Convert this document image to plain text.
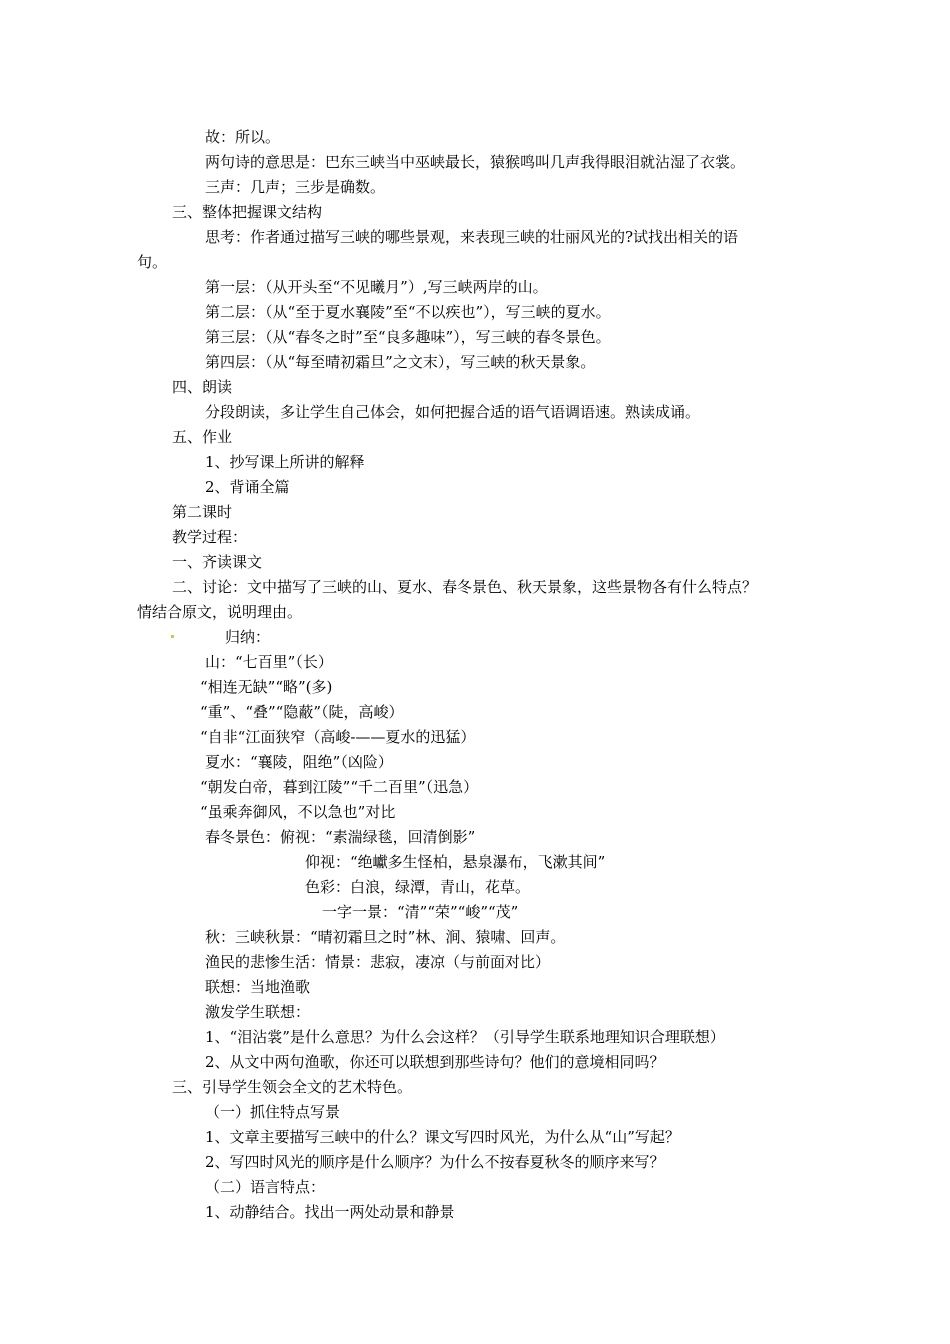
故：所以。
两句诗的意思是：巴东三峡当中巫峡最长，猿猴鸣叫几声我得眼泪就沾湿了衣裳。
三声：几声；三步是确数。
三、整体把握课文结构
思考：作者通过描写三峡的哪些景观，来表现三峡的壮丽风光的?试找出相关的语
句。
第一层：（从开头至“不见曦月”）,写三峡两岸的山。
第二层：（从“至于夏水襄陵”至“不以疾也”），写三峡的夏水。
第三层：（从“春冬之时”至“良多趣味”），写三峡的春冬景色。
第四层：（从“每至晴初霜旦”之文末），写三峡的秋天景象。
四、朗读
分段朗读，多让学生自己体会，如何把握合适的语气语调语速。熟读成诵。
五、作业
1、抄写课上所讲的解释
2、背诵全篇
第二课时
教学过程：
一、齐读课文
二、讨论：文中描写了三峡的山、夏水、春冬景色、秋天景象，这些景物各有什么特点？
情结合原文，说明理由。
归纳：
山：“七百里”（长）
“相连无缺”“略”(多)
“重”、“叠”“隐蔽”（陡，高峻）
“自非“江面狭窄（高峻-——夏水的迅猛）
夏水：“襄陵，阻绝”（凶险）
“朝发白帝，暮到江陵”“千二百里”（迅急）
“虽乘奔御风，不以急也”对比
春冬景色：俯视：“素湍绿毯，回清倒影”
仰视：“绝巘多生怪柏，悬泉瀑布，飞漱其间”
色彩：白浪，绿潭，青山，花草。
一字一景：“清”“荣”“峻”“茂”
秋：三峡秋景：“晴初霜旦之时”林、涧、猿啸、回声。
渔民的悲惨生活：情景：悲寂，凄凉（与前面对比）
联想：当地渔歌
激发学生联想：
1、“泪沾裳”是什么意思？为什么会这样？（引导学生联系地理知识合理联想）
2、从文中两句渔歌，你还可以联想到那些诗句？他们的意境相同吗？
三、引导学生领会全文的艺术特色。
（一）抓住特点写景
1、文章主要描写三峡中的什么？课文写四时风光，为什么从“山”写起？
2、写四时风光的顺序是什么顺序？为什么不按春夏秋冬的顺序来写？
（二）语言特点：
1、动静结合。找出一两处动景和静景
